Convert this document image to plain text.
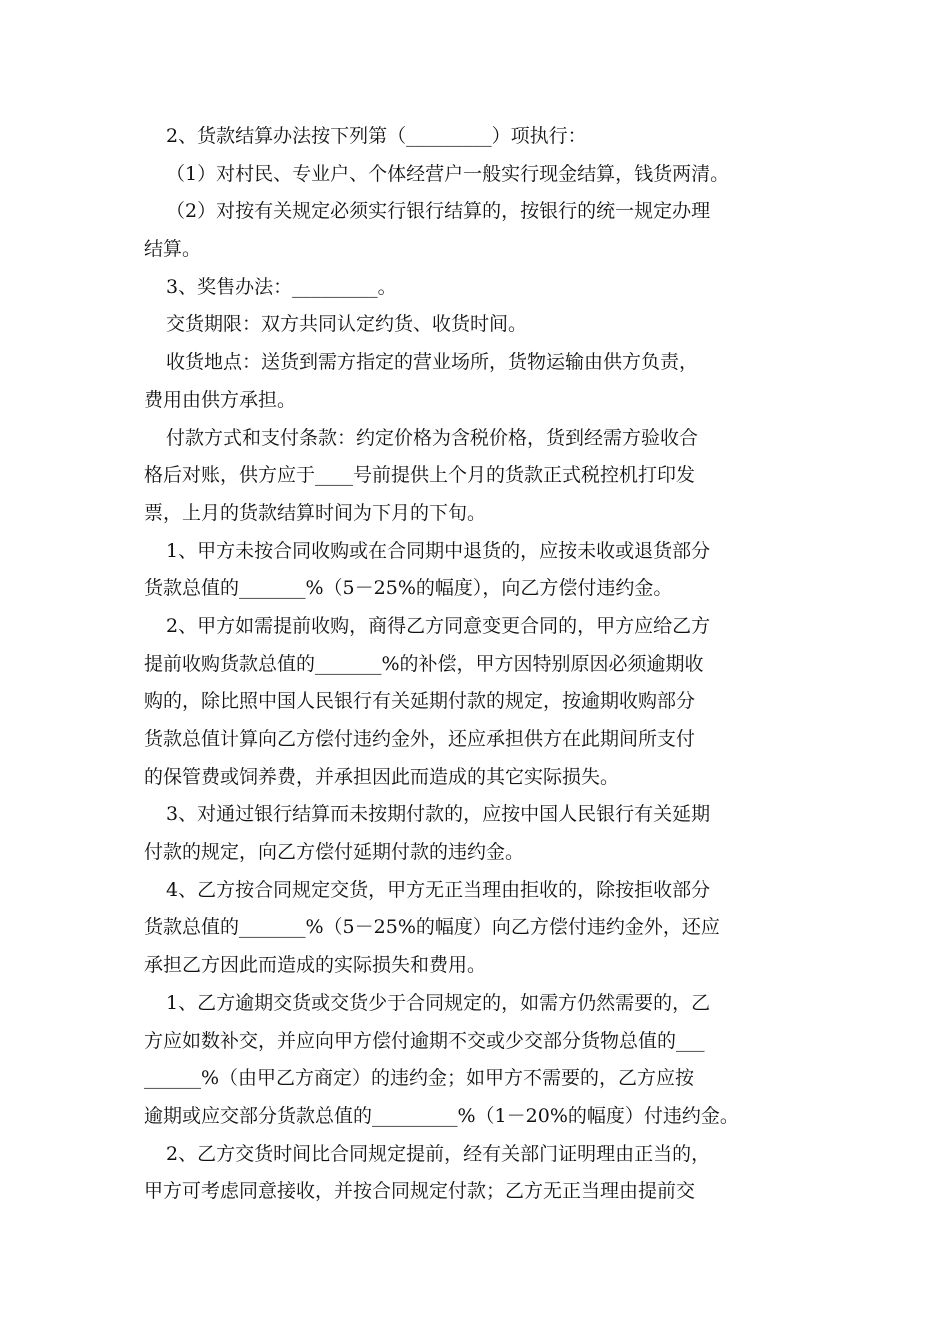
2、货款结算办法按下列第（_________）项执行：
（1）对村民、专业户、个体经营户一般实行现金结算，钱货两清。
（2）对按有关规定必须实行银行结算的，按银行的统一规定办理
结算。
3、奖售办法：_________。
交货期限：双方共同认定约货、收货时间。
收货地点：送货到需方指定的营业场所，货物运输由供方负责，
费用由供方承担。
付款方式和支付条款：约定价格为含税价格，货到经需方验收合
格后对账，供方应于____号前提供上个月的货款正式税控机打印发
票，上月的货款结算时间为下月的下旬。
1、甲方未按合同收购或在合同期中退货的，应按未收或退货部分
货款总值的_______%（5－25%的幅度），向乙方偿付违约金。
2、甲方如需提前收购，商得乙方同意变更合同的，甲方应给乙方
提前收购货款总值的_______%的补偿，甲方因特别原因必须逾期收
购的，除比照中国人民银行有关延期付款的规定，按逾期收购部分
货款总值计算向乙方偿付违约金外，还应承担供方在此期间所支付
的保管费或饲养费，并承担因此而造成的其它实际损失。
3、对通过银行结算而未按期付款的，应按中国人民银行有关延期
付款的规定，向乙方偿付延期付款的违约金。
4、乙方按合同规定交货，甲方无正当理由拒收的，除按拒收部分
货款总值的_______%（5－25%的幅度）向乙方偿付违约金外，还应
承担乙方因此而造成的实际损失和费用。
1、乙方逾期交货或交货少于合同规定的，如需方仍然需要的，乙
方应如数补交，并应向甲方偿付逾期不交或少交部分货物总值的___
______%（由甲乙方商定）的违约金；如甲方不需要的，乙方应按
逾期或应交部分货款总值的_________%（1－20%的幅度）付违约金。
2、乙方交货时间比合同规定提前，经有关部门证明理由正当的，
甲方可考虑同意接收，并按合同规定付款；乙方无正当理由提前交
